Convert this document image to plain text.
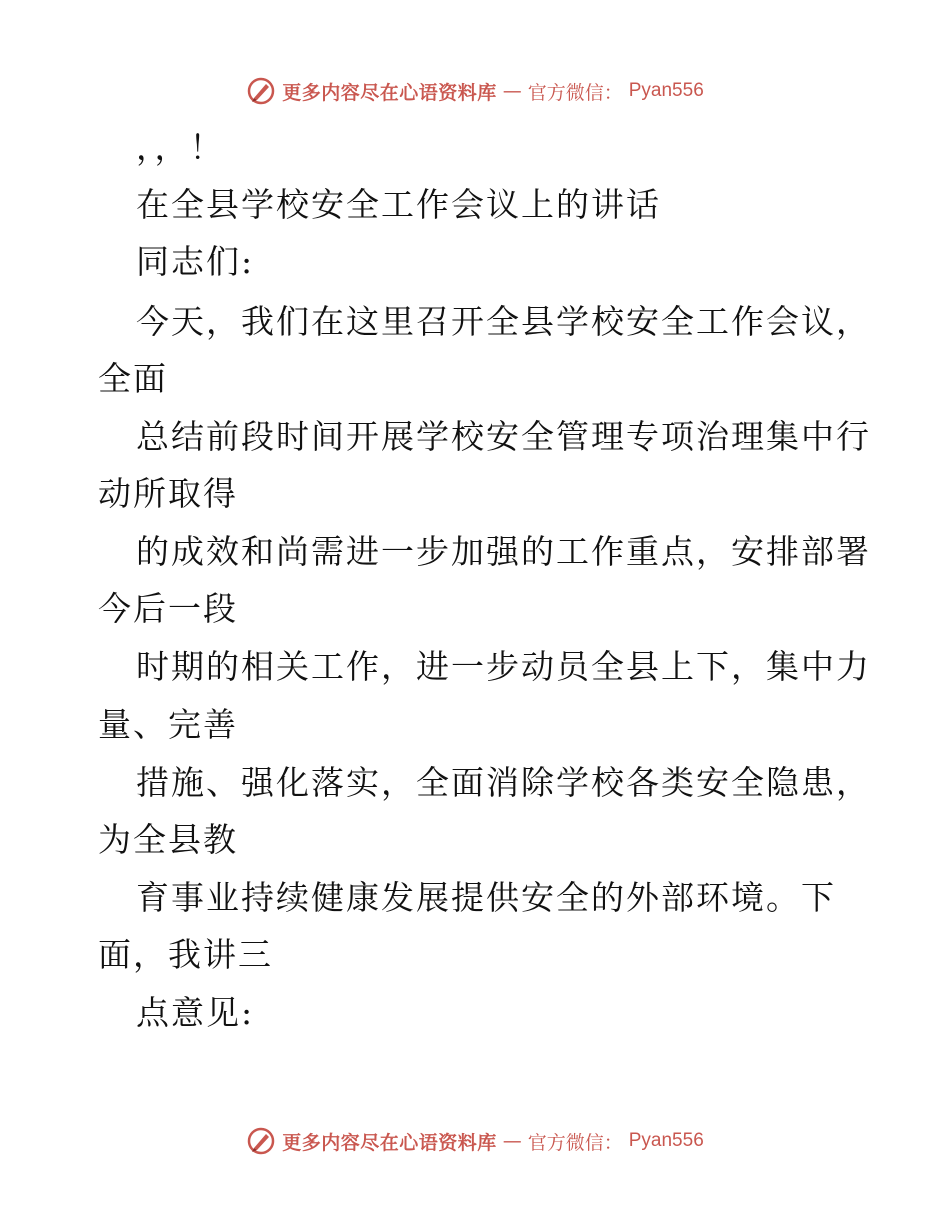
更多内容尽在心语资料库 — 官方微信： Pyan556
，，！
在全县学校安全工作会议上的讲话
同志们:
今天，我们在这里召开全县学校安全工作会议，
全面
总结前段时间开展学校安全管理专项治理集中行
动所取得
的成效和尚需进一步加强的工作重点，安排部署
今后一段
时期的相关工作，进一步动员全县上下，集中力
量、完善
措施、强化落实，全面消除学校各类安全隐患，
为全县教
育事业持续健康发展提供安全的外部环境。下
面，我讲三
点意见:
更多内容尽在心语资料库 — 官方微信： Pyan556
